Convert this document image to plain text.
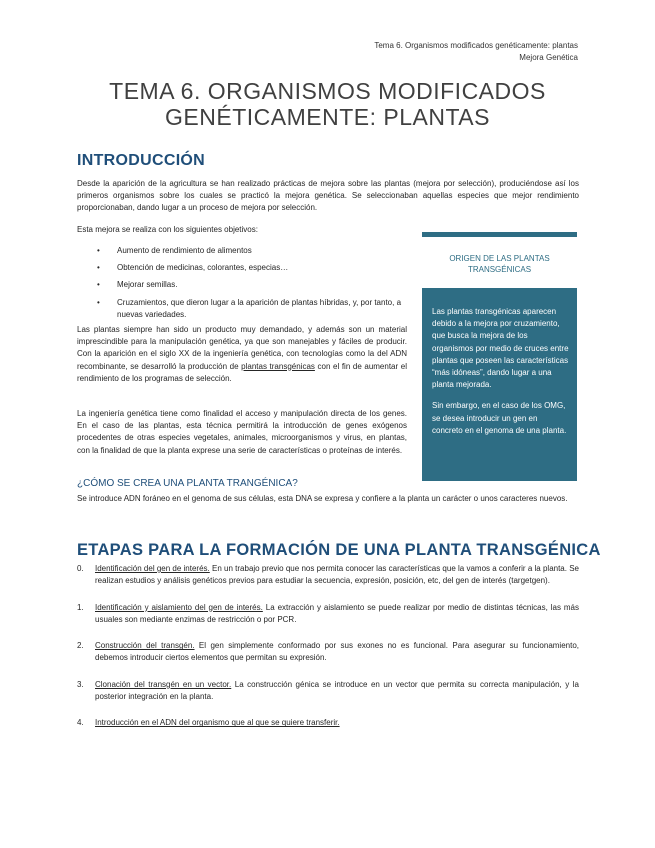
Tema 6. Organismos modificados genéticamente: plantas
Mejora Genética
TEMA 6. ORGANISMOS MODIFICADOS
GENÉTICAMENTE: PLANTAS
INTRODUCCIÓN

Desde la aparición de la agricultura se han realizado prácticas de mejora sobre las plantas (mejora por selección), produciéndose así los primeros organismos sobre los cuales se practicó la mejora genética. Se seleccionaban aquellas especies que mejor rendimiento proporcionaban, dando lugar a un proceso de mejora por selección.

Esta mejora se realiza con los siguientes objetivos:

• Aumento de rendimiento de alimentos
• Obtención de medicinas, colorantes, especias…
• Mejorar semillas.
• Cruzamientos, que dieron lugar a la aparición de plantas híbridas, y, por tanto, a nuevas variedades.

Las plantas siempre han sido un producto muy demandado, y además son un material imprescindible para la manipulación genética, ya que son manejables y fáciles de producir. Con la aparición en el siglo XX de la ingeniería genética, con tecnologías como la del ADN recombinante, se desarrolló la producción de plantas transgénicas con el fin de aumentar el rendimiento de los programas de selección.

La ingeniería genética tiene como finalidad el acceso y manipulación directa de los genes. En el caso de las plantas, esta técnica permitirá la introducción de genes exógenos procedentes de otras especies vegetales, animales, microorganismos y virus, en plantas, con la finalidad de que la planta exprese una serie de características o proteínas de interés.

ORIGEN DE LAS PLANTAS TRANSGÉNICAS

Las plantas transgénicas aparecen debido a la mejora por cruzamiento, que busca la mejora de los organismos por medio de cruces entre plantas que poseen las características “más idóneas”, dando lugar a una planta mejorada.

Sin embargo, en el caso de los OMG, se desea introducir un gen en concreto en el genoma de una planta.

¿CÓMO SE CREA UNA PLANTA TRANGÉNICA?

Se introduce ADN foráneo en el genoma de sus células, esta DNA se expresa y confiere a la planta un carácter o unos caracteres nuevos.

ETAPAS PARA LA FORMACIÓN DE UNA PLANTA TRANSGÉNICA
0. Identificación del gen de interés. En un trabajo previo que nos permita conocer las características que la vamos a conferir a la planta. Se realizan estudios y análisis genéticos previos para estudiar la secuencia, expresión, posición, etc, del gen de interés (targetgen).
1. Identificación y aislamiento del gen de interés. La extracción y aislamiento se puede realizar por medio de distintas técnicas, las más usuales son mediante enzimas de restricción o por PCR.
2. Construcción del transgén. El gen simplemente conformado por sus exones no es funcional. Para asegurar su funcionamiento, debemos introducir ciertos elementos que permitan su expresión.
3. Clonación del transgén en un vector. La construcción génica se introduce en un vector que permita su correcta manipulación, y la posterior integración en la planta.
4. Introducción en el ADN del organismo que al que se quiere transferir.
